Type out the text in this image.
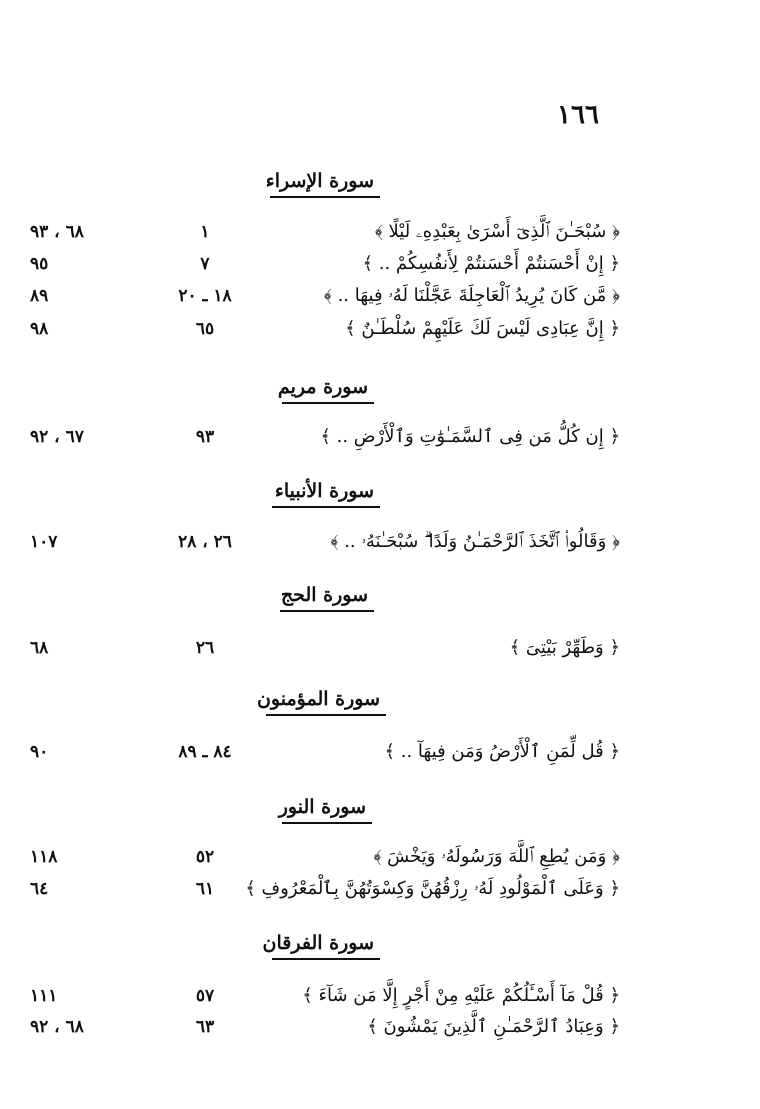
١٦٦
سورة الإسراء
﴿ سُبْحَـٰنَ ٱلَّذِىٓ أَسْرَىٰ بِعَبْدِهِۦ لَيْلًا ﴾
١
٦٨ ، ٩٣
﴿ إِنْ أَحْسَنتُمْ أَحْسَنتُمْ لِأَنفُسِكُمْ .. ﴾
٧
٩٥
﴿ مَّن كَانَ يُرِيدُ ٱلْعَاجِلَةَ عَجَّلْنَا لَهُۥ فِيهَا .. ﴾
١٨ ـ ٢٠
٨٩
﴿ إِنَّ عِبَادِى لَيْسَ لَكَ عَلَيْهِمْ سُلْطَـٰنٌ ﴾
٦٥
٩٨
سورة مريم
﴿ إِن كُلُّ مَن فِى ٱلسَّمَـٰوَٰتِ وَٱلْأَرْضِ .. ﴾
٩٣
٦٧ ، ٩٢
سورة الأنبياء
﴿ وَقَالُوا۟ ٱتَّخَذَ ٱلرَّحْمَـٰنُ وَلَدًا ۗ سُبْحَـٰنَهُۥ .. ﴾
٢٦ ، ٢٨
١٠٧
سورة الحج
﴿ وَطَهِّرْ بَيْتِىَ ﴾
٢٦
٦٨
سورة المؤمنون
﴿ قُل لِّمَنِ ٱلْأَرْضُ وَمَن فِيهَآ .. ﴾
٨٤ ـ ٨٩
٩٠
سورة النور
﴿ وَمَن يُطِعِ ٱللَّهَ وَرَسُولَهُۥ وَيَخْشَ ﴾
٥٢
١١٨
﴿ وَعَلَى ٱلْمَوْلُودِ لَهُۥ رِزْقُهُنَّ وَكِسْوَتُهُنَّ بِٱلْمَعْرُوفِ ﴾
٦١
٦٤
سورة الفرقان
﴿ قُلْ مَآ أَسْـَٔلُكُمْ عَلَيْهِ مِنْ أَجْرٍ إِلَّا مَن شَآءَ ﴾
٥٧
١١١
﴿ وَعِبَادُ ٱلرَّحْمَـٰنِ ٱلَّذِينَ يَمْشُونَ ﴾
٦٣
٦٨ ، ٩٢
